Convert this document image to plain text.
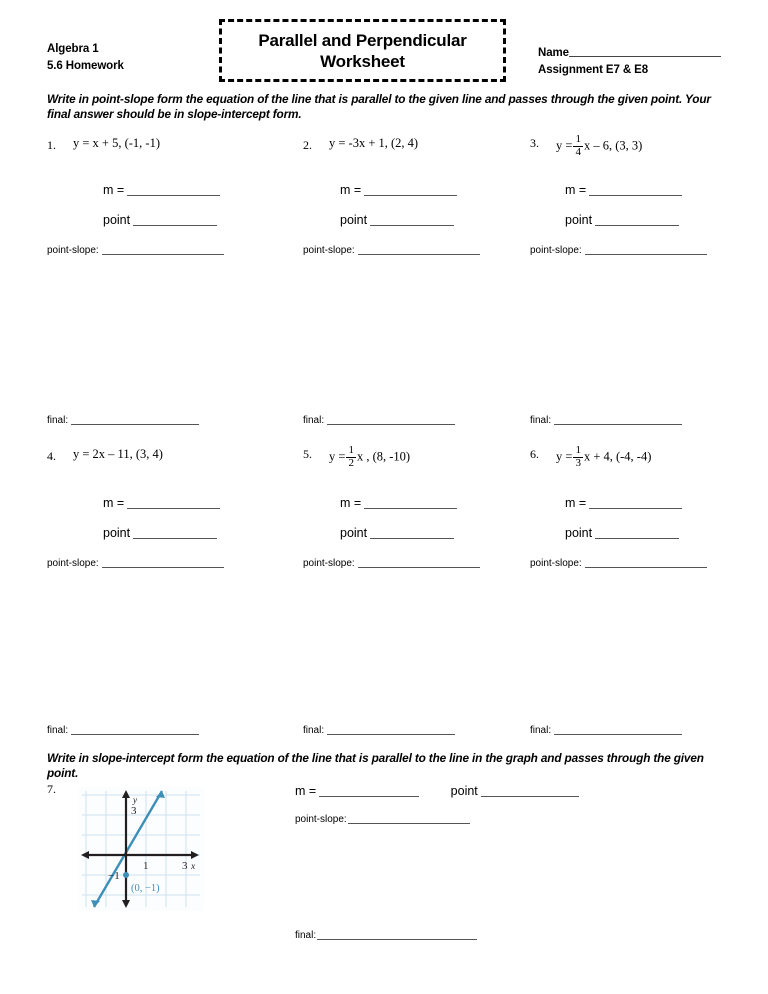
Algebra 1
5.6 Homework
Parallel and Perpendicular Worksheet	Name
Assignment E7 & E8
Write in point-slope form the equation of the line that is parallel to the given line and passes through the given point. Your final answer should be in slope-intercept form.
1. y = x + 5, (-1, -1)
m =
point
point-slope:
final:
2. y = -3x + 1, (2, 4)
m =
point
point-slope:
final:
3. $y = \frac{1}{4}$ x – 6, (3, 3)
m =
point
point-slope:
final:
4. y = 2x – 11, (3, 4)
m =
point
point-slope:
final:
5. $y = \frac{1}{2}$ x , (8, -10)
m =
point
point-slope:
final:
6. $y = \frac{1}{3}$ x + 4, (-4, -4)
m =
point
point-slope:
final:
Write in slope-intercept form the equation of the line that is parallel to the line in the graph and passes through the given point.
7.
y
3
1	3 x
−1
(0, −1)
m =	point
point-slope:
final:
